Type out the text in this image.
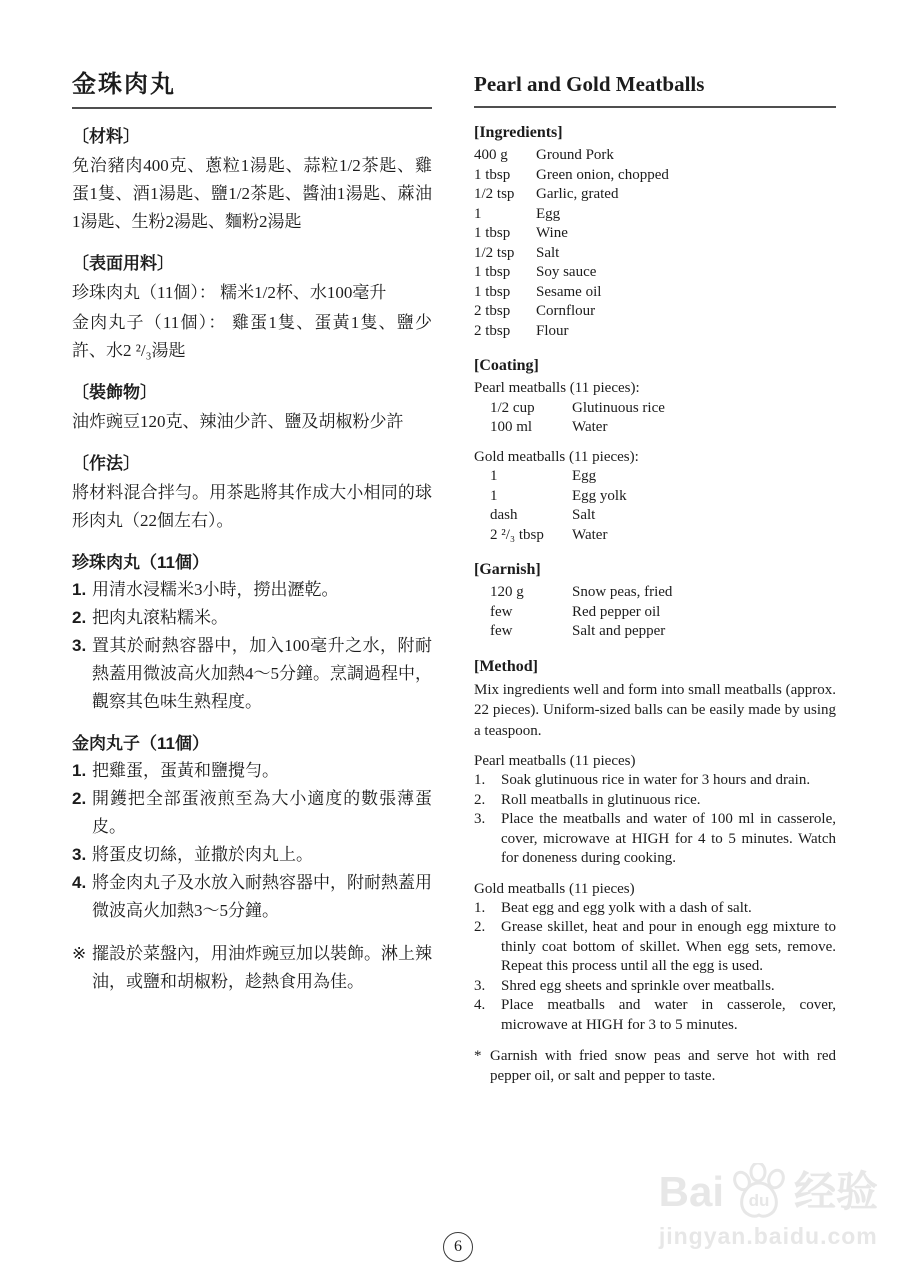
金珠肉丸
〔材料〕

免治豬肉400克、蔥粒1湯匙、蒜粒1/2茶匙、雞蛋1隻、酒1湯匙、鹽1/2茶匙、醬油1湯匙、蔴油1湯匙、生粉2湯匙、麵粉2湯匙

〔表面用料〕

珍珠肉丸（11個）： 糯米1/2杯、水100毫升

金肉丸子（11個）： 雞蛋1隻、蛋黃1隻、鹽少許、水2 ²/₃湯匙

〔裝飾物〕

油炸豌豆120克、辣油少許、鹽及胡椒粉少許

〔作法〕

將材料混合拌勻。用茶匙將其作成大小相同的球形肉丸（22個左右）。

珍珠肉丸（11個）
1. 用清水浸糯米3小時，撈出瀝乾。
2. 把肉丸滾粘糯米。
3. 置其於耐熱容器中，加入100毫升之水，附耐熱蓋用微波高火加熱4～5分鐘。烹調過程中，觀察其色味生熟程度。
金肉丸子（11個）
1. 把雞蛋，蛋黃和鹽攪勻。
2. 開鑊把全部蛋液煎至為大小適度的數張薄蛋皮。
3. 將蛋皮切絲，並撒於肉丸上。
4. 將金肉丸子及水放入耐熱容器中，附耐熱蓋用微波高火加熱3～5分鐘。
※ 擺設於菜盤內，用油炸豌豆加以裝飾。淋上辣油，或鹽和胡椒粉，趁熱食用為佳。
Pearl and Gold Meatballs
[Ingredients]
400 g	Ground Pork
1 tbsp	Green onion, chopped
1/2 tsp	Garlic, grated
1	Egg
1 tbsp	Wine
1/2 tsp	Salt
1 tbsp	Soy sauce
1 tbsp	Sesame oil
2 tbsp	Cornflour
2 tbsp	Flour
[Coating]
Pearl meatballs (11 pieces):
1/2 cup	Glutinuous rice
100 ml	Water
Gold meatballs (11 pieces):
1	Egg
1	Egg yolk
dash	Salt
2 ²/₃ tbsp	Water
[Garnish]
120 g	Snow peas, fried
few	Red pepper oil
few	Salt and pepper
[Method]

Mix ingredients well and form into small meatballs (approx. 22 pieces). Uniform-sized balls can be easily made by using a teaspoon.

Pearl meatballs (11 pieces)
1.	Soak glutinuous rice in water for 3 hours and drain.
2.	Roll meatballs in glutinuous rice.
3.	Place the meatballs and water of 100 ml in casserole, cover, microwave at HIGH for 4 to 5 minutes. Watch for doneness during cooking.
Gold meatballs (11 pieces)
1.	Beat egg and egg yolk with a dash of salt.
2.	Grease skillet, heat and pour in enough egg mixture to thinly coat bottom of skillet. When egg sets, remove. Repeat this process until all the egg is used.
3.	Shred egg sheets and sprinkle over meatballs.
4.	Place meatballs and water in casserole, cover, microwave at HIGH for 3 to 5 minutes.
* Garnish with fried snow peas and serve hot with red pepper oil, or salt and pepper to taste.
6
Bai du 经验
jingyan.baidu.com
